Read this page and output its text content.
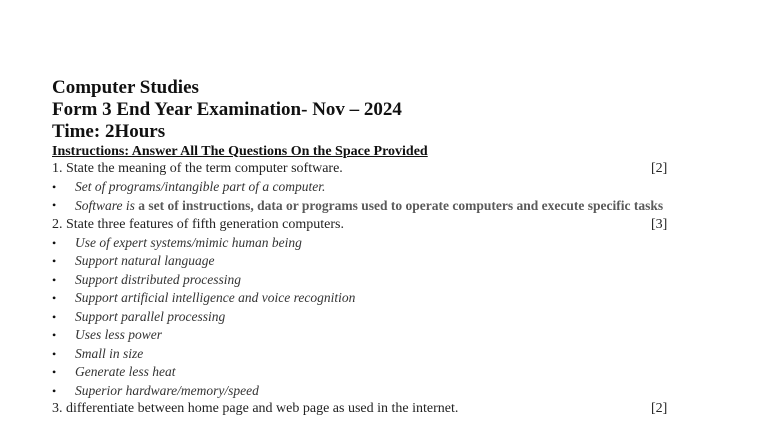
Computer Studies
Form 3 End Year Examination- Nov – 2024
Time: 2Hours
Instructions: Answer All The Questions On the Space Provided
1. State the meaning of the term computer software.	[2]
• Set of programs/intangible part of a computer.
• Software is a set of instructions, data or programs used to operate computers and execute specific tasks
2. State three features of fifth generation computers.	[3]
• Use of expert systems/mimic human being
• Support natural language
• Support distributed processing
• Support artificial intelligence and voice recognition
• Support parallel processing
• Uses less power
• Small in size
• Generate less heat
• Superior hardware/memory/speed
3. differentiate between home page and web page as used in the internet.	[2]
